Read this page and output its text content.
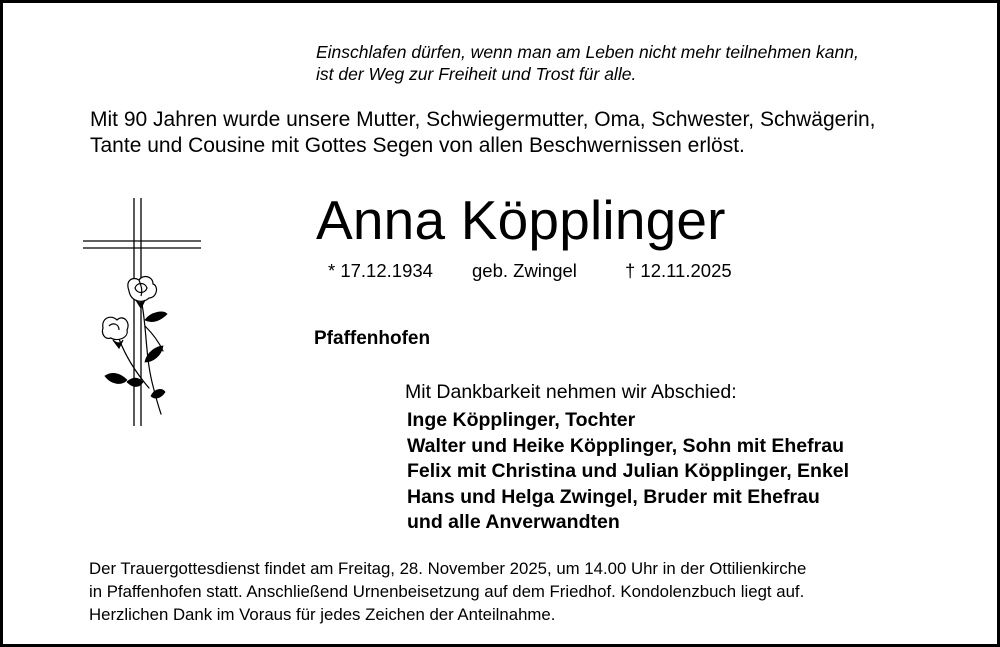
Einschlafen dürfen, wenn man am Leben nicht mehr teilnehmen kann,
ist der Weg zur Freiheit und Trost für alle.
Mit 90 Jahren wurde unsere Mutter, Schwiegermutter, Oma, Schwester, Schwägerin,
Tante und Cousine mit Gottes Segen von allen Beschwernissen erlöst.
Anna Köpplinger
* 17.12.1934 geb. Zwingel	† 12.11.2025
Pfaffenhofen
Mit Dankbarkeit nehmen wir Abschied:
Inge Köpplinger, Tochter
Walter und Heike Köpplinger, Sohn mit Ehefrau
Felix mit Christina und Julian Köpplinger, Enkel
Hans und Helga Zwingel, Bruder mit Ehefrau
und alle Anverwandten
Der Trauergottesdienst findet am Freitag, 28. November 2025, um 14.00 Uhr in der Ottilienkirche
in Pfaffenhofen statt. Anschließend Urnenbeisetzung auf dem Friedhof. Kondolenzbuch liegt auf.
Herzlichen Dank im Voraus für jedes Zeichen der Anteilnahme.
